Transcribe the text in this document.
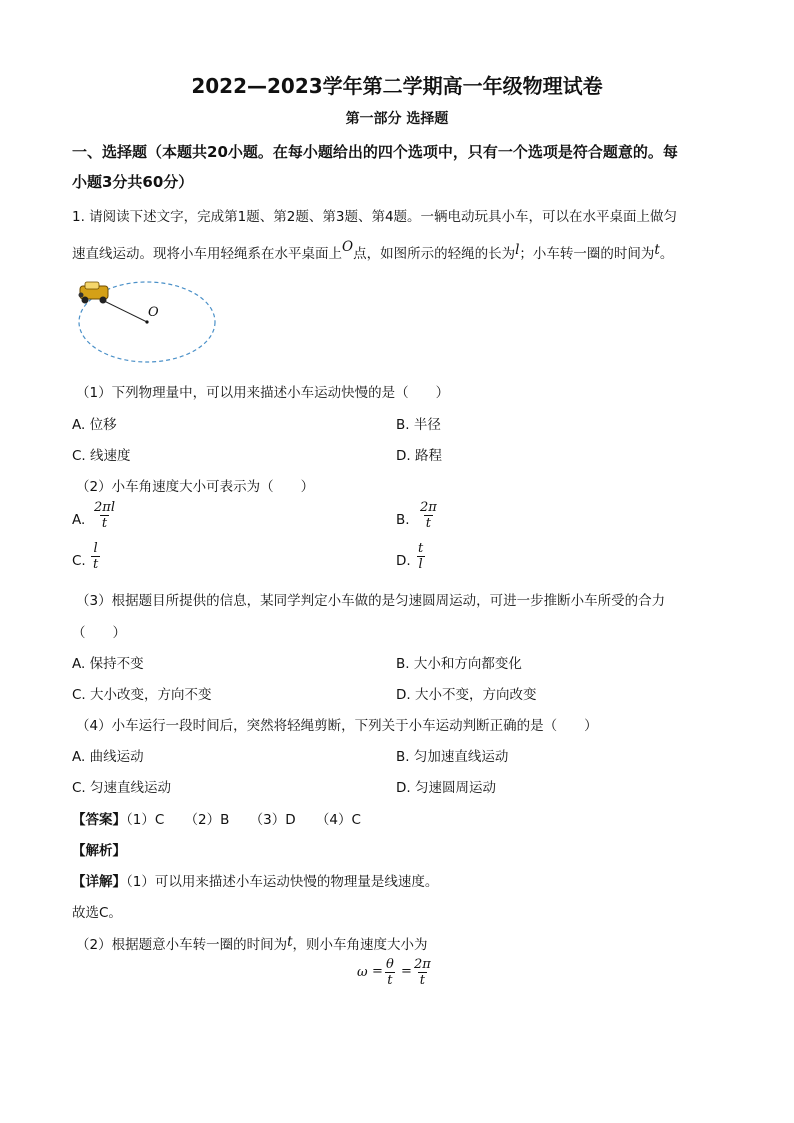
2022—2023学年第二学期高一年级物理试卷
第一部分 选择题
一、选择题（本题共20小题。在每小题给出的四个选项中，只有一个选项是符合题意的。每
小题3分共60分）
1. 请阅读下述文字，完成第1题、第2题、第3题、第4题。一辆电动玩具小车，可以在水平桌面上做匀
速直线运动。现将小车用轻绳系在水平桌面上O点，如图所示的轻绳的长为l；小车转一圈的时间为t。
O
（1）下列物理量中，可以用来描述小车运动快慢的是（　　）
A. 位移	B. 半径
C. 线速度	D. 路程
（2）小车角速度大小可表示为（　　）
A. $\frac{2\pi l}{t}$	B. $\frac{2\pi}{t}$
C. $\frac{l}{t}$	D. $\frac{t}{l}$
（3）根据题目所提供的信息，某同学判定小车做的是匀速圆周运动，可进一步推断小车所受的合力
（　　）
A. 保持不变	B. 大小和方向都变化
C. 大小改变，方向不变	D. 大小不变，方向改变
（4）小车运行一段时间后，突然将轻绳剪断，下列关于小车运动判断正确的是（　　）
A. 曲线运动	B. 匀加速直线运动
C. 匀速直线运动	D. 匀速圆周运动
【答案】（1）C　　（2）B　　（3）D　　（4）C
【解析】
【详解】（1）可以用来描述小车运动快慢的物理量是线速度。
故选C。
（2）根据题意小车转一圈的时间为t，则小车角速度大小为
$\omega = \frac{\theta}{t} = \frac{2\pi}{t}$
